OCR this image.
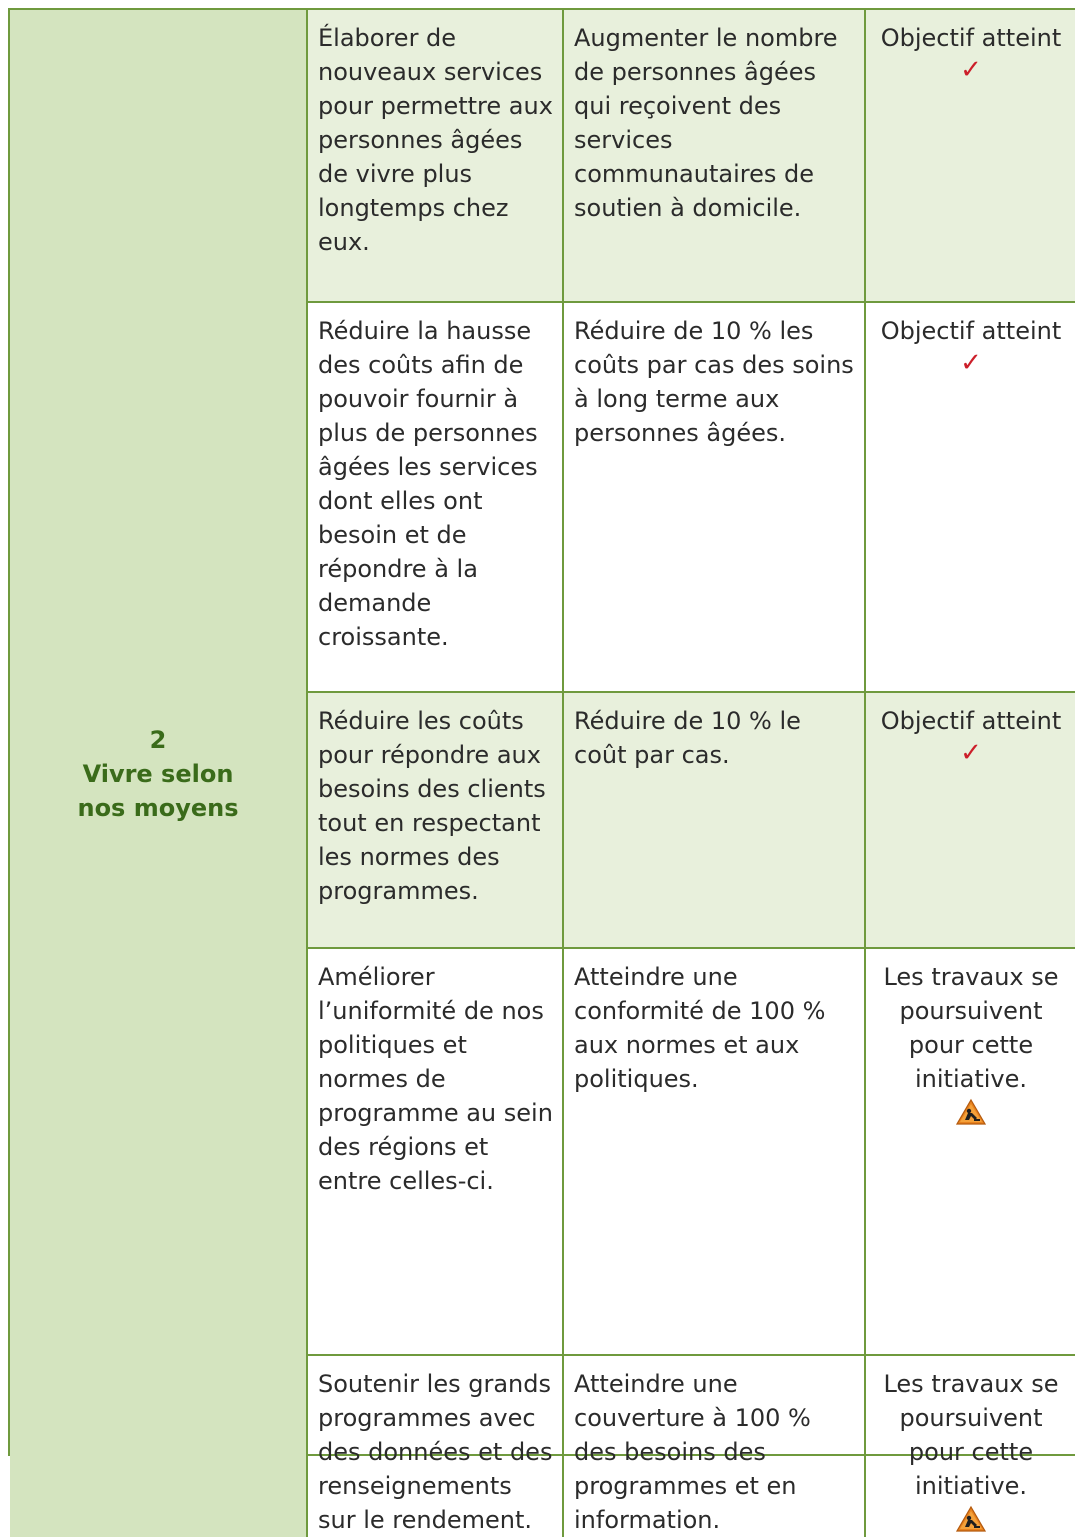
2
Vivre selon nos moyens
Élaborer de nouveaux services pour permettre aux personnes âgées de vivre plus longtemps chez eux.
Augmenter le nombre de personnes âgées qui reçoivent des services communautaires de soutien à domicile.
Objectif atteint
✓
Réduire la hausse des coûts afin de pouvoir fournir à plus de personnes âgées les services dont elles ont besoin et de répondre à la demande croissante.
Réduire de 10 % les coûts par cas des soins à long terme aux personnes âgées.
Objectif atteint
✓
Réduire les coûts pour répondre aux besoins des clients tout en respectant les normes des programmes.
Réduire de 10 % le coût par cas.
Objectif atteint
✓
Améliorer l’uniformité de nos politiques et normes de programme au sein des régions et entre celles-ci.
Atteindre une conformité de 100 % aux normes et aux politiques.
Les travaux se poursuivent pour cette initiative.
Soutenir les grands programmes avec des données et des renseignements sur le rendement.
Atteindre une couverture à 100 % des besoins des programmes et en information.
Les travaux se poursuivent pour cette initiative.
